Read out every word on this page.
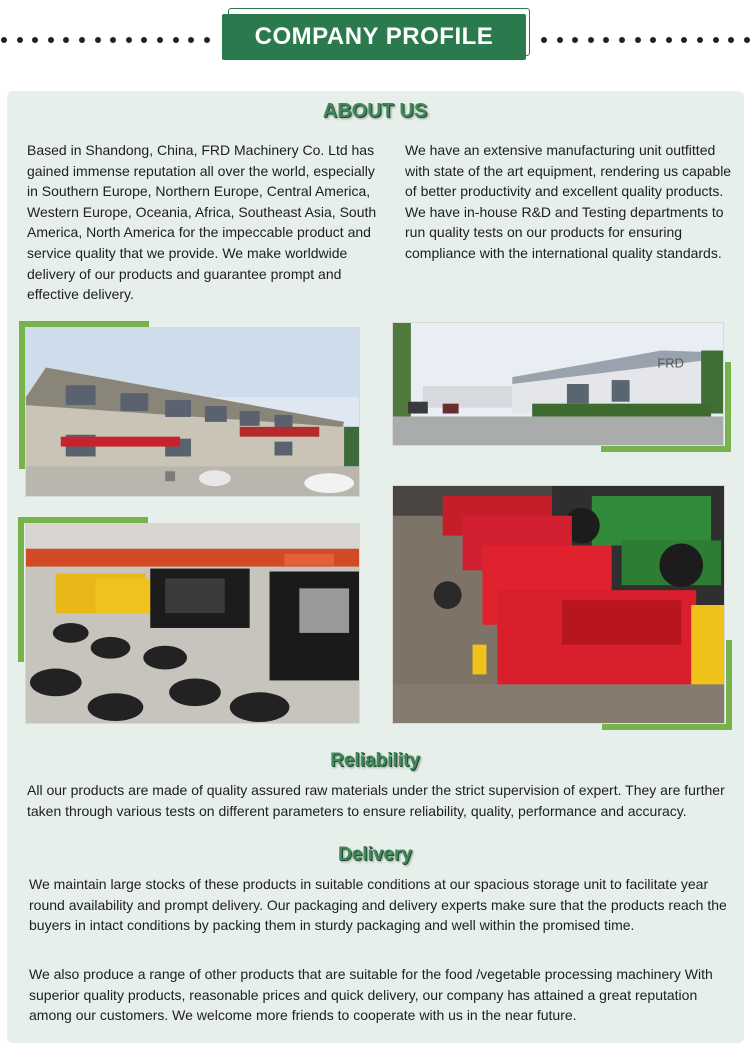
COMPANY PROFILE
ABOUT US

Based in Shandong, China, FRD Machinery Co. Ltd has gained immense reputation all over the world, especially in Southern Europe, Northern Europe, Central America, Western Europe, Oceania, Africa, Southeast Asia, South America, North America for the impeccable product and service quality that we provide. We make worldwide delivery of our products and guarantee prompt and effective delivery.

We have an extensive manufacturing unit outfitted with state of the art equipment, rendering us capable of better productivity and excellent quality products. We have in-house R&D and Testing departments to run quality tests on our products for ensuring compliance with the international quality standards.

FRD
Reliability

All our products are made of quality assured raw materials under the strict supervision of expert. They are further taken through various tests on different parameters to ensure reliability, quality, performance and accuracy.

Delivery

We maintain large stocks of these products in suitable conditions at our spacious storage unit to facilitate year round availability and prompt delivery. Our packaging and delivery experts make sure that the products reach the buyers in intact conditions by packing them in sturdy packaging and well within the promised time.

We also produce a range of other products that are suitable for the food /vegetable processing machinery With superior quality products, reasonable prices and quick delivery, our company has attained a great reputation among our customers. We welcome more friends to cooperate with us in the near future.
